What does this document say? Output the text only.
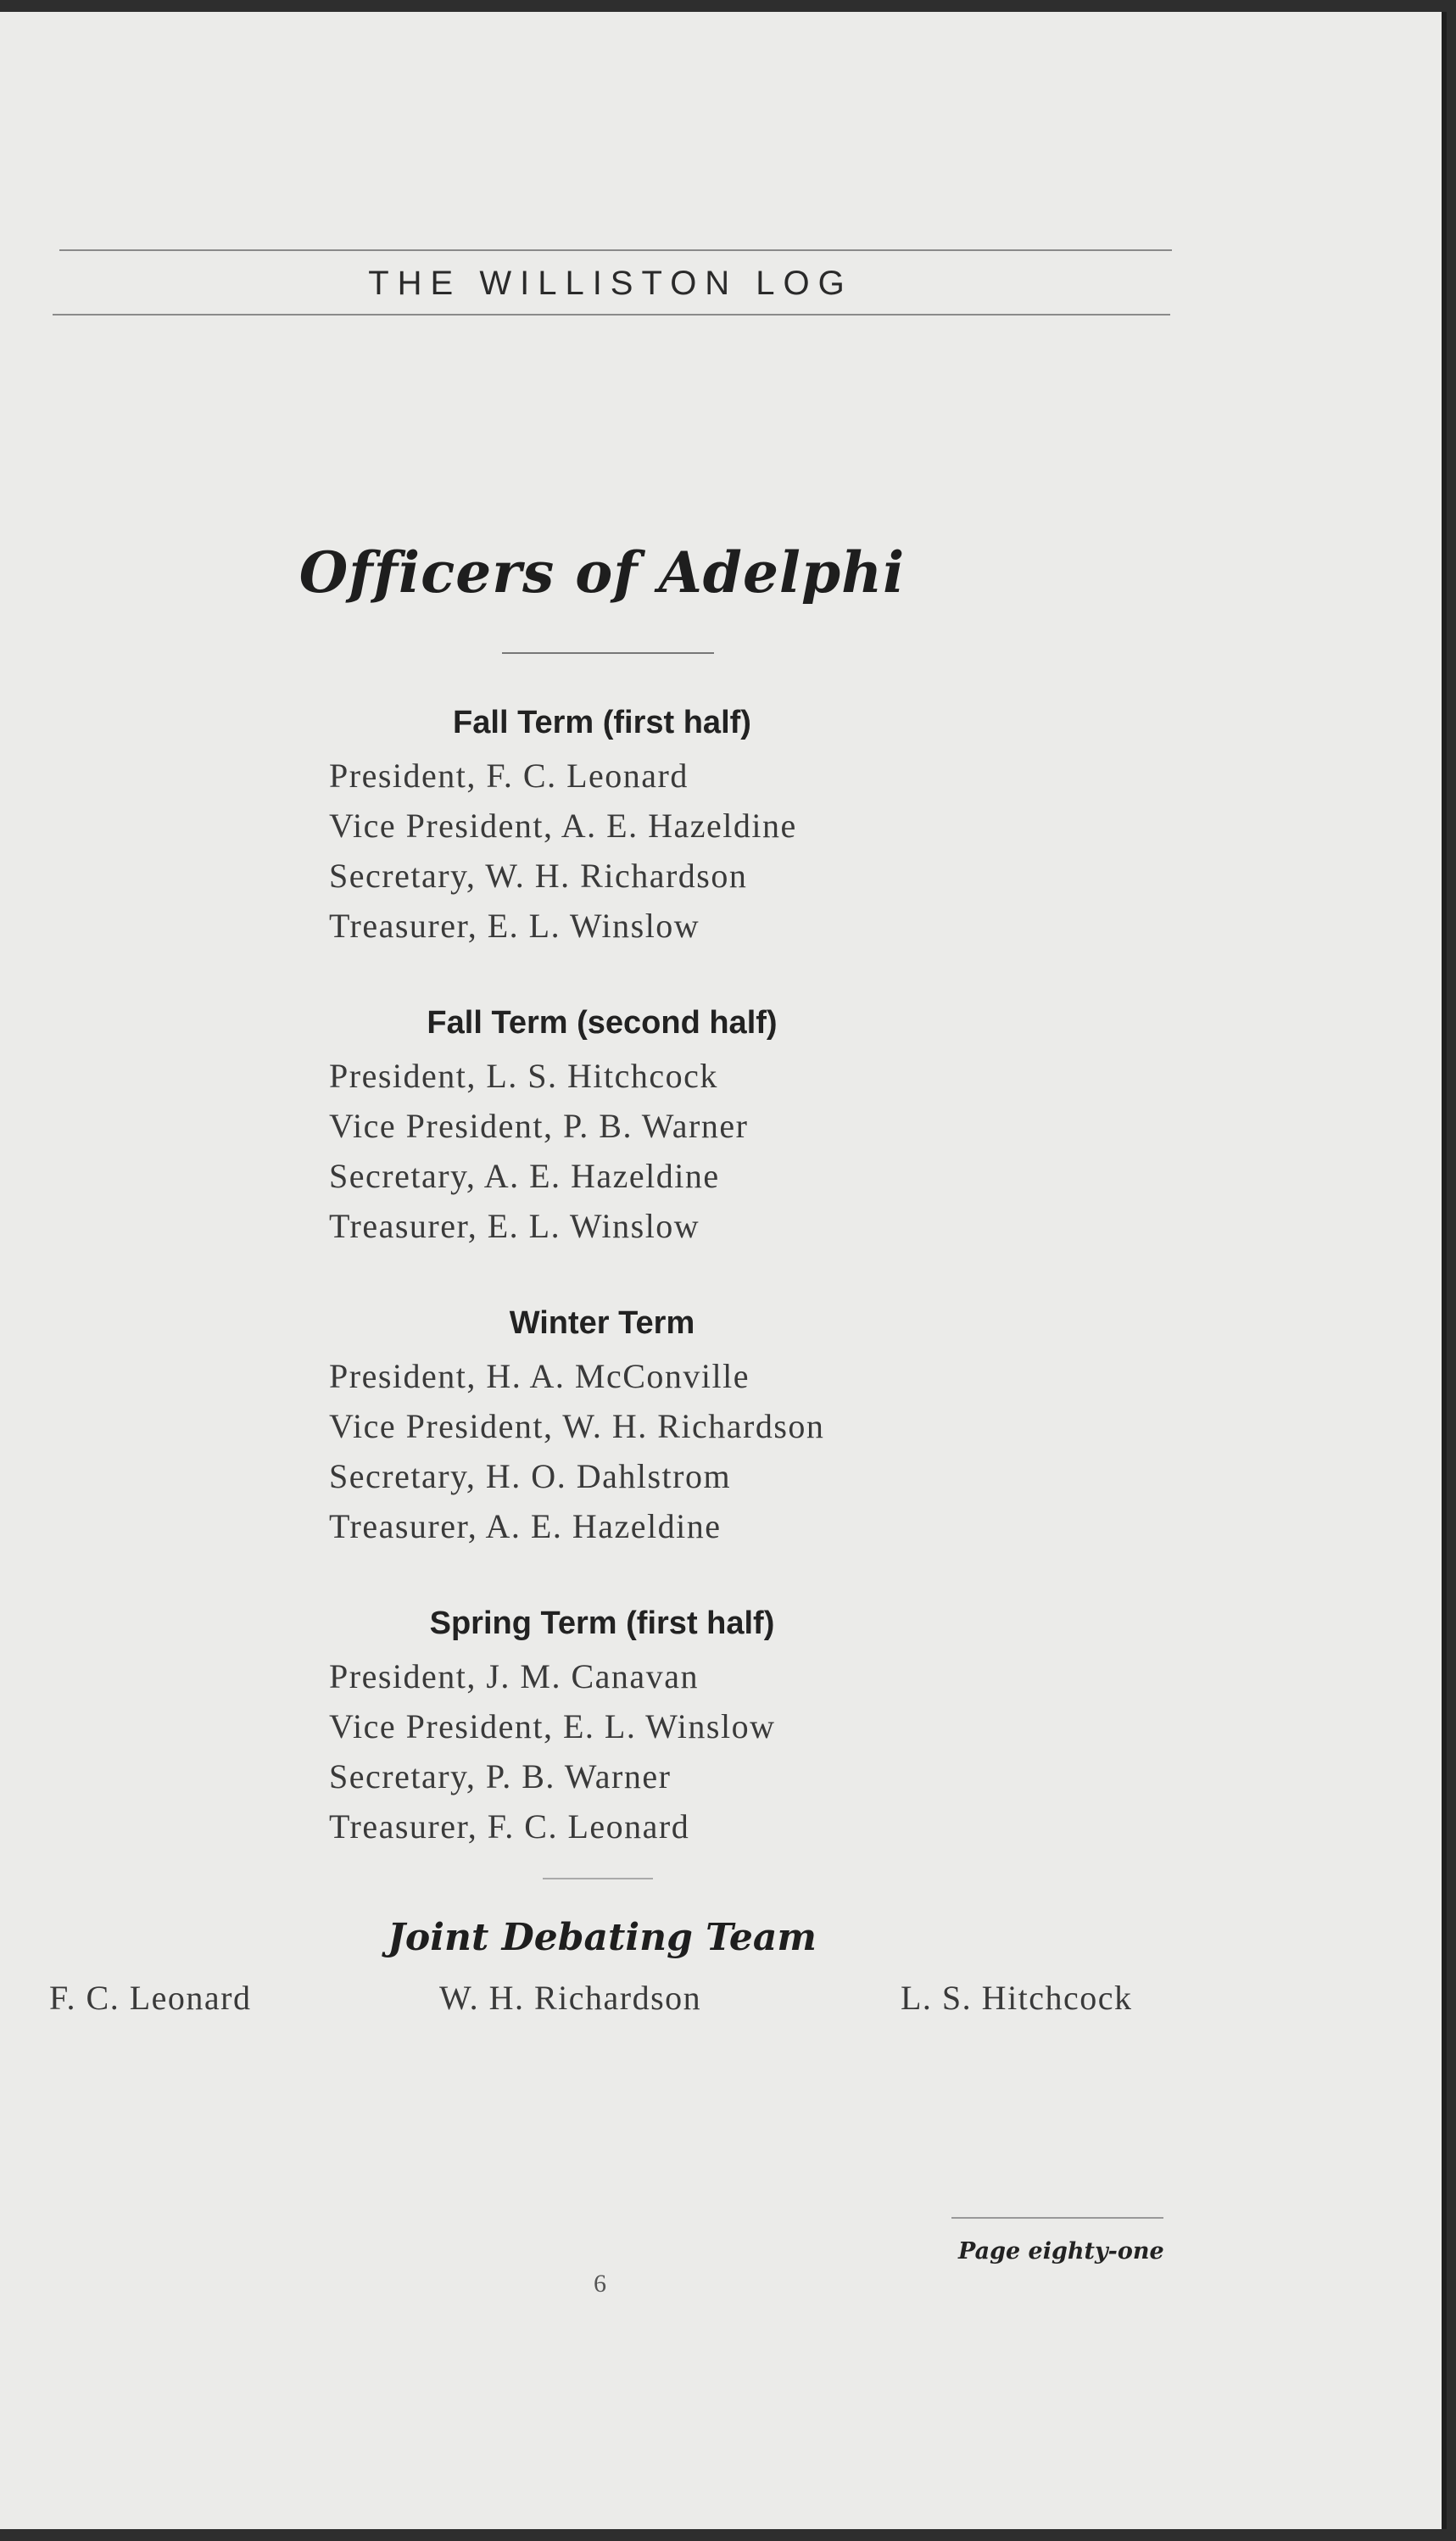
THE WILLISTON LOG
Officers of Adelphi
Fall Term (first half)
President, F. C. Leonard
Vice President, A. E. Hazeldine
Secretary, W. H. Richardson
Treasurer, E. L. Winslow
Fall Term (second half)
President, L. S. Hitchcock
Vice President, P. B. Warner
Secretary, A. E. Hazeldine
Treasurer, E. L. Winslow
Winter Term
President, H. A. McConville
Vice President, W. H. Richardson
Secretary, H. O. Dahlstrom
Treasurer, A. E. Hazeldine
Spring Term (first half)
President, J. M. Canavan
Vice President, E. L. Winslow
Secretary, P. B. Warner
Treasurer, F. C. Leonard
Joint Debating Team
F. C. Leonard	W. H. Richardson	L. S. Hitchcock
Page eighty-one
6
